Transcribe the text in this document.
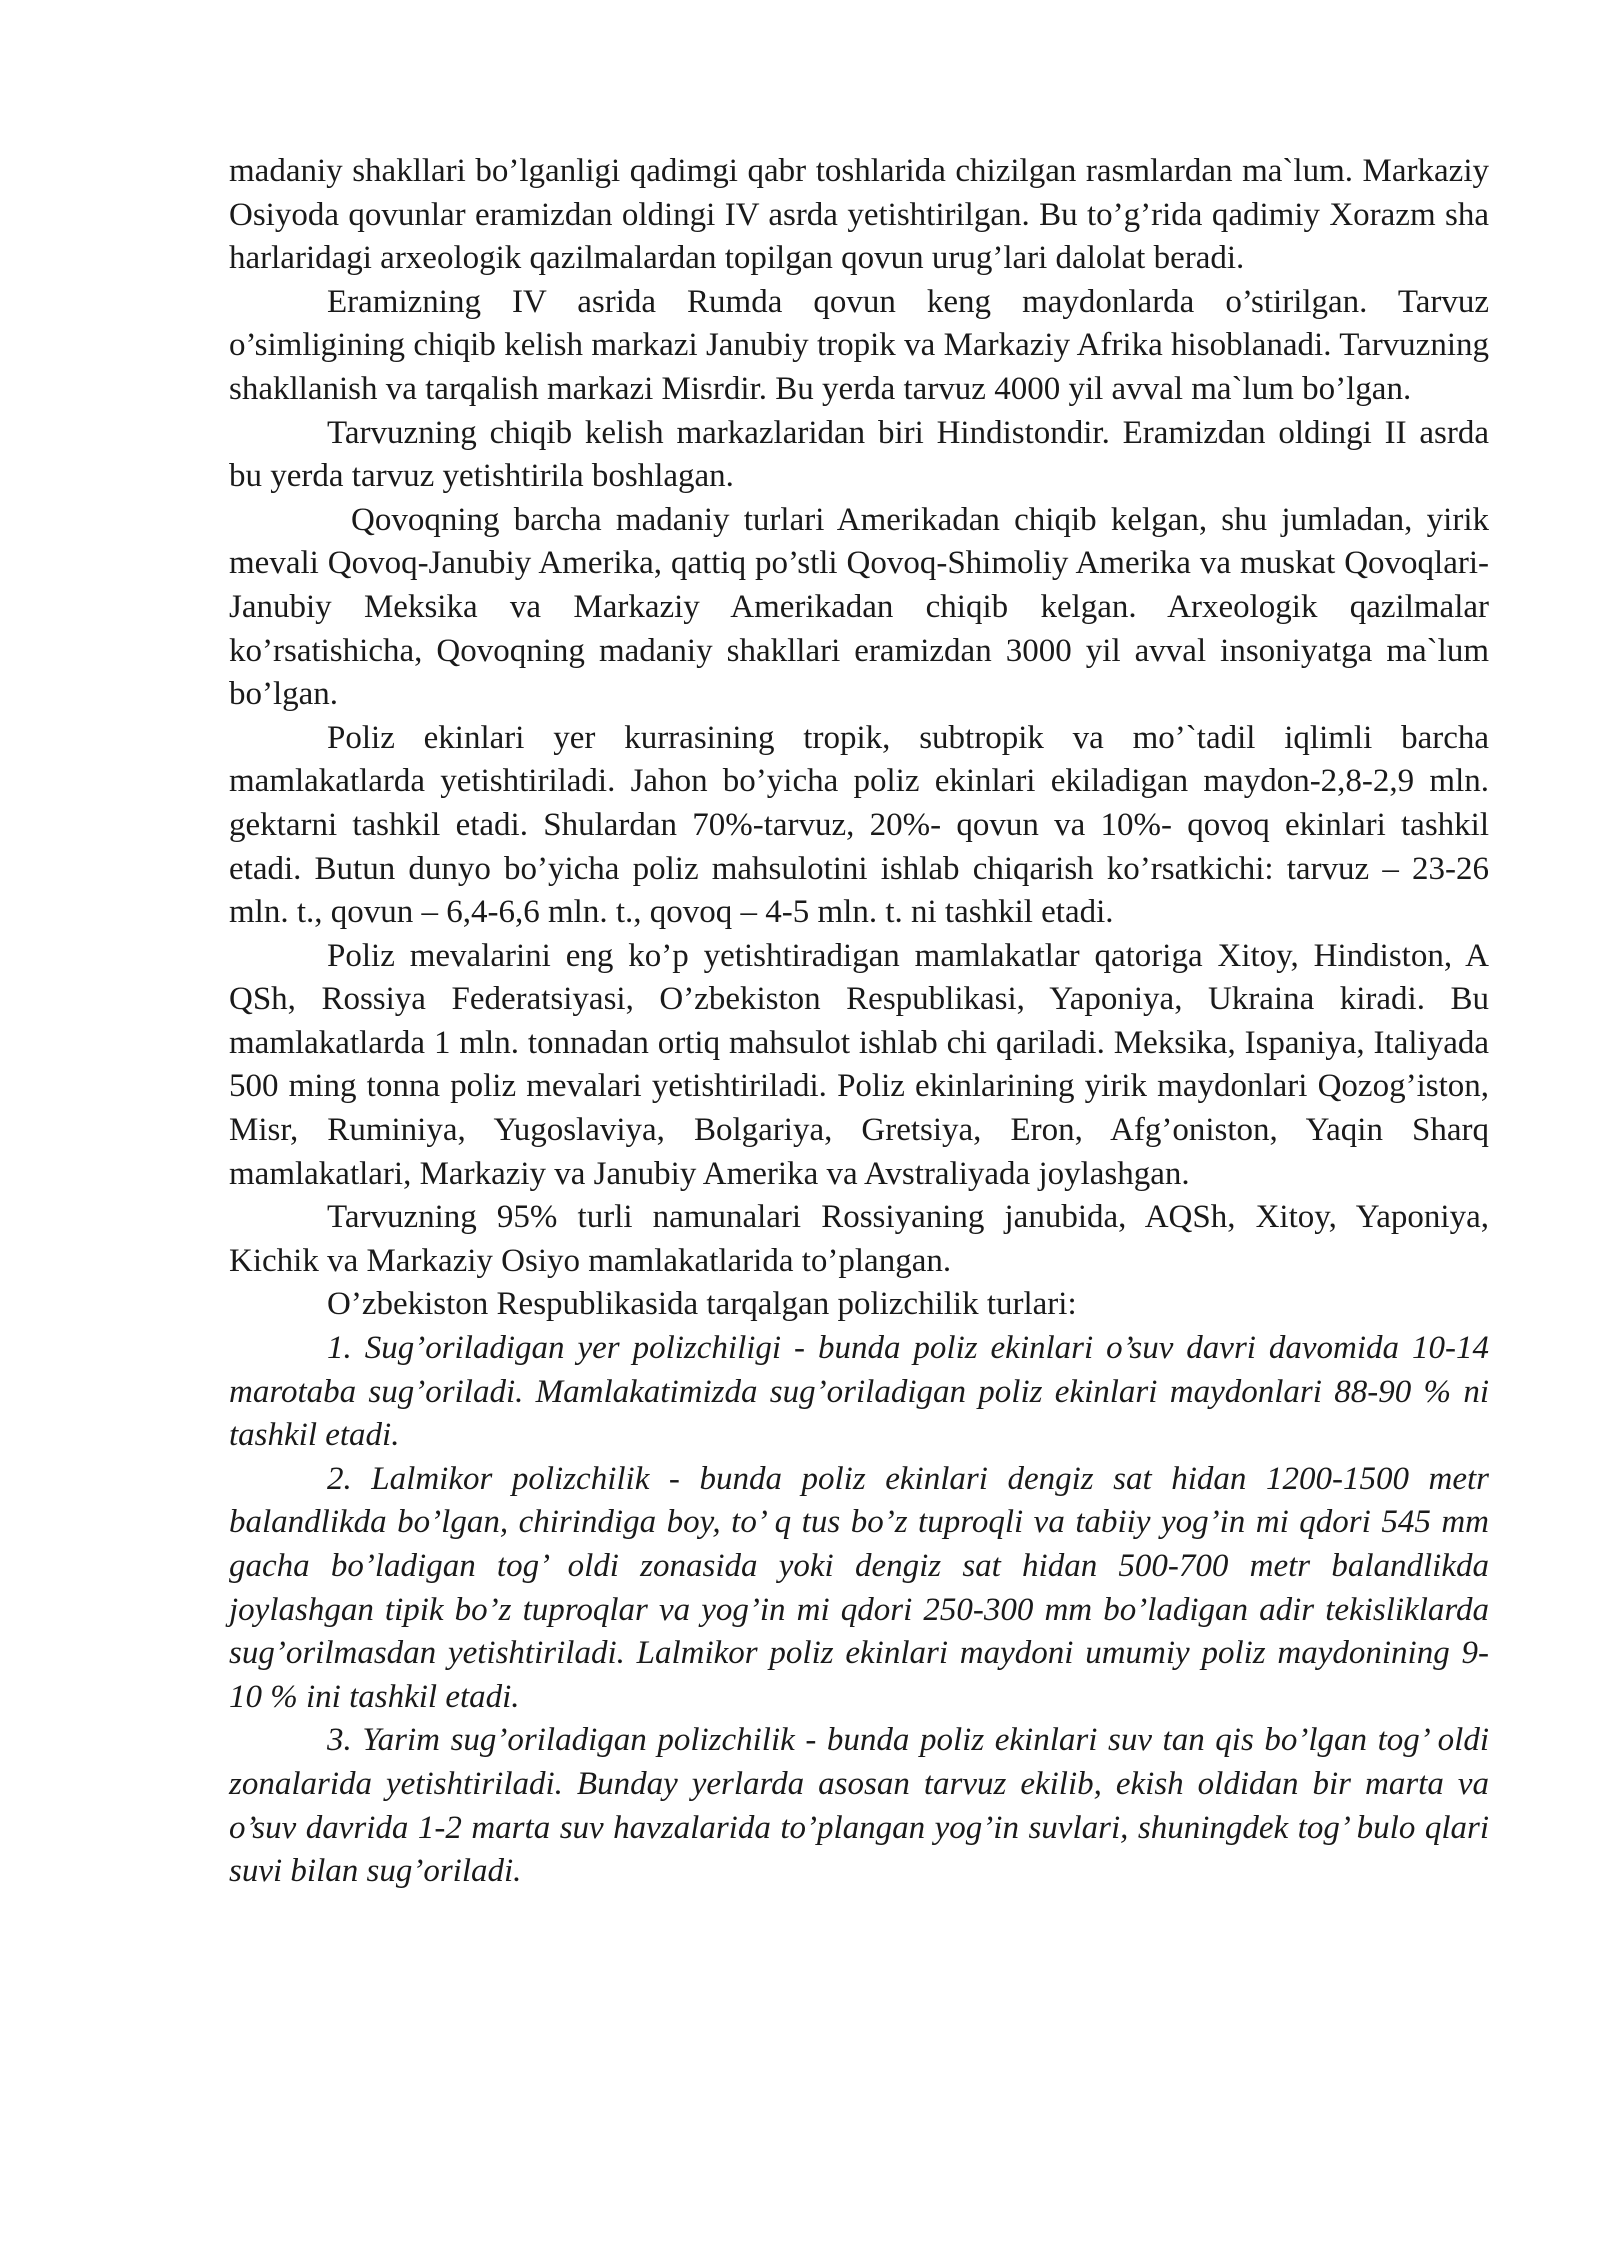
madaniy shakllari bo’lganligi qadimgi qabr toshlarida chizilgan rasmlardan ma`lum. Markaziy Osiyoda qovunlar eramizdan oldingi IV asrda yetishtirilgan. Bu to’g’rida qadimiy Xorazm sha harlaridagi arxeologik qazilmalardan topilgan qovun urug’lari dalolat beradi.

Eramizning IV asrida Rumda qovun keng maydonlarda o’stirilgan. Tarvuz o’simligining chiqib kelish markazi Janubiy tropik va Markaziy Afrika hisoblanadi. Tarvuzning shakllanish va tarqalish markazi Misrdir. Bu yerda tarvuz 4000 yil avval ma`lum bo’lgan.

Tarvuzning chiqib kelish markazlaridan biri Hindistondir. Eramizdan oldingi II asrda bu yerda tarvuz yetishtirila boshlagan.

Qovoqning barcha madaniy turlari Amerikadan chiqib kelgan, shu jumladan, yirik mevali Qovoq-Janubiy Amerika, qattiq po’stli Qovoq-Shimoliy Amerika va muskat Qovoqlari-Janubiy Meksika va Markaziy Amerikadan chiqib kelgan. Arxeologik qazilmalar ko’rsatishicha, Qovoqning madaniy shakllari eramizdan 3000 yil avval insoniyatga ma`lum bo’lgan.

Poliz ekinlari yer kurrasining tropik, subtropik va mo’`tadil iqlimli barcha mamlakatlarda yetishtiriladi. Jahon bo’yicha poliz ekinlari ekiladigan maydon-2,8-2,9 mln. gektarni tashkil etadi. Shulardan 70%-tarvuz, 20%- qovun va 10%- qovoq ekinlari tashkil etadi. Butun dunyo bo’yicha poliz mahsulotini ishlab chiqarish ko’rsatkichi: tarvuz – 23-26 mln. t., qovun – 6,4-6,6 mln. t., qovoq – 4-5 mln. t. ni tashkil etadi.

Poliz mevalarini eng ko’p yetishtiradigan mamlakatlar qatoriga Xitoy, Hindiston, A QSh, Rossiya Federatsiyasi, O’zbekiston Respublikasi, Yaponiya, Ukraina kiradi. Bu mamlakatlarda 1 mln. tonnadan ortiq mahsulot ishlab chi qariladi. Meksika, Ispaniya, Italiyada 500 ming tonna poliz mevalari yetishtiriladi. Poliz ekinlarining yirik maydonlari Qozog’iston, Misr, Ruminiya, Yugoslaviya, Bolgariya, Gretsiya, Eron, Afg’oniston, Yaqin Sharq mamlakatlari, Markaziy va Janubiy Amerika va Avstraliyada joylashgan.

Tarvuzning 95% turli namunalari Rossiyaning janubida, AQSh, Xitoy, Yaponiya, Kichik va Markaziy Osiyo mamlakatlarida to’plangan.

O’zbekiston Respublikasida tarqalgan polizchilik turlari:

1. Sug’oriladigan yer polizchiligi - bunda poliz ekinlari o’suv davri davomida 10-14 marotaba sug’oriladi. Mamlakatimizda sug’oriladigan poliz ekinlari maydonlari 88-90 % ni tashkil etadi.

2. Lalmikor polizchilik - bunda poliz ekinlari dengiz sat hidan 1200-1500 metr balandlikda bo’lgan, chirindiga boy, to’ q tus bo’z tuproqli va tabiiy yog’in mi qdori 545 mm gacha bo’ladigan tog’ oldi zonasida yoki dengiz sat hidan 500-700 metr balandlikda joylashgan tipik bo’z tuproqlar va yog’in mi qdori 250-300 mm bo’ladigan adir tekisliklarda sug’orilmasdan yetishtiriladi. Lalmikor poliz ekinlari maydoni umumiy poliz maydonining 9-10 % ini tashkil etadi.

3. Yarim sug’oriladigan polizchilik - bunda poliz ekinlari suv tan qis bo’lgan tog’ oldi zonalarida yetishtiriladi. Bunday yerlarda asosan tarvuz ekilib, ekish oldidan bir marta va o’suv davrida 1-2 marta suv havzalarida to’plangan yog’in suvlari, shuningdek tog’ bulo qlari suvi bilan sug’oriladi.
